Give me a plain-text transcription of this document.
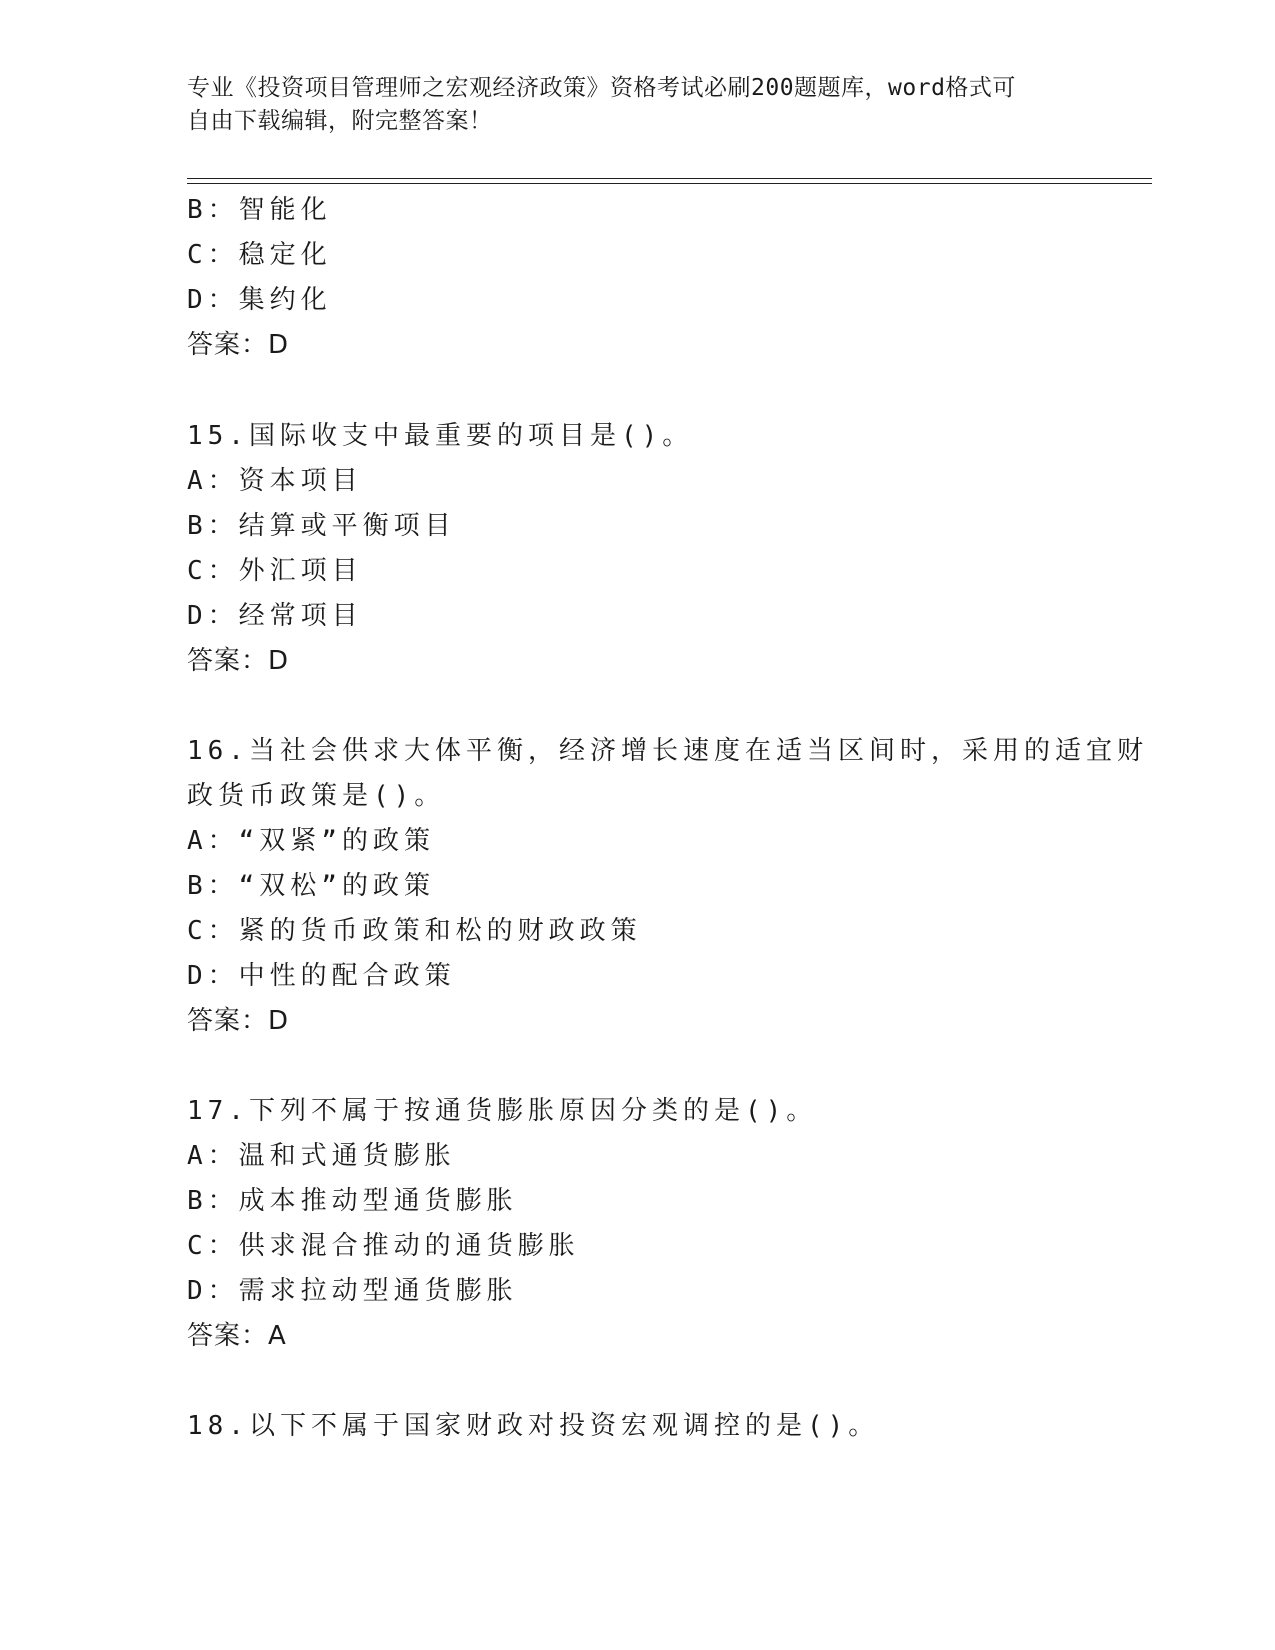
专业《投资项目管理师之宏观经济政策》资格考试必刷200题题库，word格式可
自由下载编辑，附完整答案！
B：智能化
C：稳定化
D：集约化
答案：D
15.国际收支中最重要的项目是()。
A：资本项目
B：结算或平衡项目
C：外汇项目
D：经常项目
答案：D
16.当社会供求大体平衡，经济增长速度在适当区间时，采用的适宜财
政货币政策是()。
A：“双紧”的政策
B：“双松”的政策
C：紧的货币政策和松的财政政策
D：中性的配合政策
答案：D
17.下列不属于按通货膨胀原因分类的是()。
A：温和式通货膨胀
B：成本推动型通货膨胀
C：供求混合推动的通货膨胀
D：需求拉动型通货膨胀
答案：A
18.以下不属于国家财政对投资宏观调控的是()。
